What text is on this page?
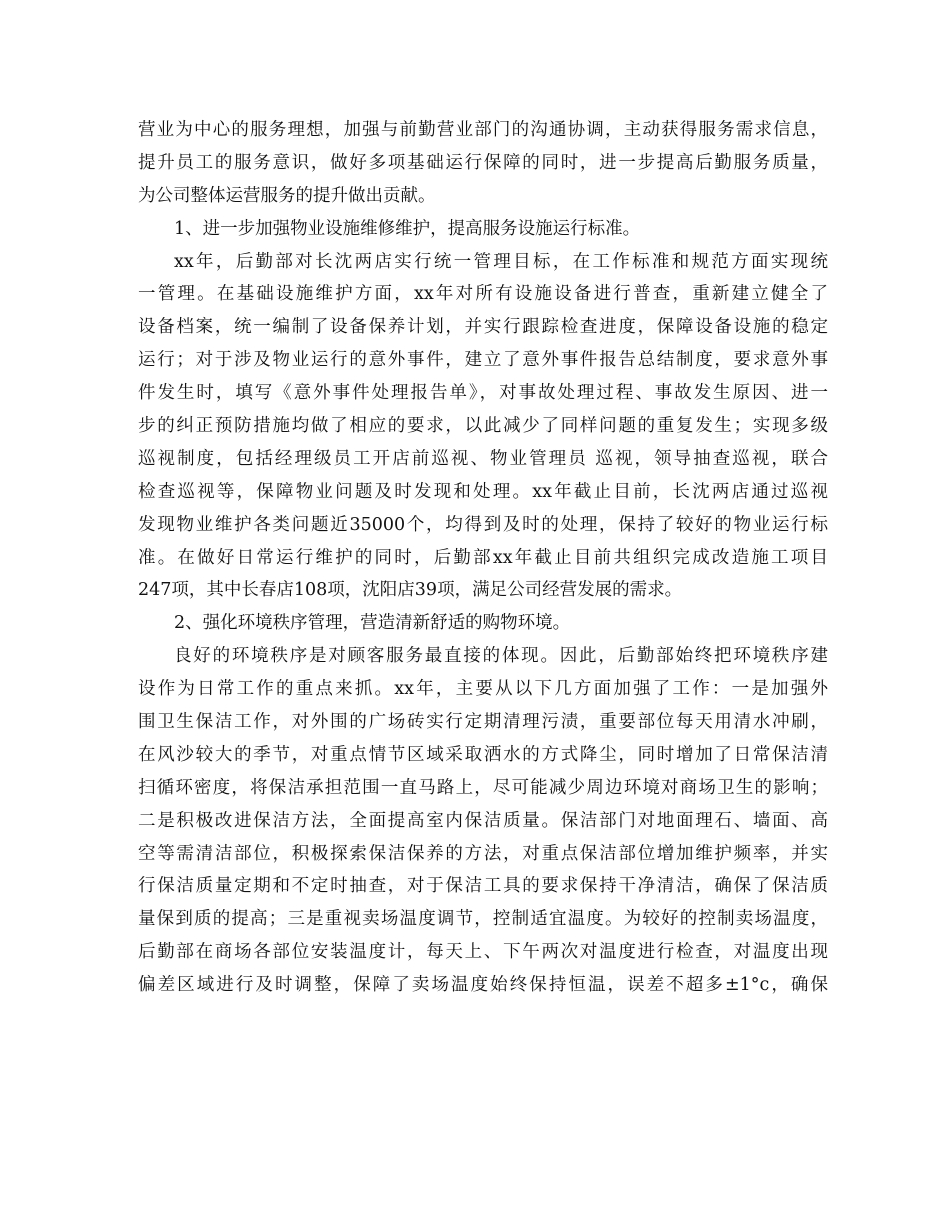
营业为中心的服务理想，加强与前勤营业部门的沟通协调，主动获得服务需求信息，
提升员工的服务意识，做好多项基础运行保障的同时，进一步提高后勤服务质量，
为公司整体运营服务的提升做出贡献。
1、进一步加强物业设施维修维护，提高服务设施运行标准。
xx年，后勤部对长沈两店实行统一管理目标，在工作标准和规范方面实现统
一管理。在基础设施维护方面，xx年对所有设施设备进行普查，重新建立健全了
设备档案，统一编制了设备保养计划，并实行跟踪检查进度，保障设备设施的稳定
运行；对于涉及物业运行的意外事件，建立了意外事件报告总结制度，要求意外事
件发生时，填写《意外事件处理报告单》，对事故处理过程、事故发生原因、进一
步的纠正预防措施均做了相应的要求，以此减少了同样问题的重复发生；实现多级
巡视制度，包括经理级员工开店前巡视、物业管理员 巡视，领导抽查巡视，联合
检查巡视等，保障物业问题及时发现和处理。xx年截止目前，长沈两店通过巡视
发现物业维护各类问题近35000个，均得到及时的处理，保持了较好的物业运行标
准。在做好日常运行维护的同时，后勤部xx年截止目前共组织完成改造施工项目
247项，其中长春店108项，沈阳店39项，满足公司经营发展的需求。
2、强化环境秩序管理，营造清新舒适的购物环境。
良好的环境秩序是对顾客服务最直接的体现。因此，后勤部始终把环境秩序建
设作为日常工作的重点来抓。xx年，主要从以下几方面加强了工作：一是加强外
围卫生保洁工作，对外围的广场砖实行定期清理污渍，重要部位每天用清水冲刷，
在风沙较大的季节，对重点情节区域采取洒水的方式降尘，同时增加了日常保洁清
扫循环密度，将保洁承担范围一直马路上，尽可能减少周边环境对商场卫生的影响；
二是积极改进保洁方法，全面提高室内保洁质量。保洁部门对地面理石、墙面、高
空等需清洁部位，积极探索保洁保养的方法，对重点保洁部位增加维护频率，并实
行保洁质量定期和不定时抽查，对于保洁工具的要求保持干净清洁，确保了保洁质
量保到质的提高；三是重视卖场温度调节，控制适宜温度。为较好的控制卖场温度，
后勤部在商场各部位安装温度计，每天上、下午两次对温度进行检查，对温度出现
偏差区域进行及时调整，保障了卖场温度始终保持恒温，误差不超多±1°c，确保
